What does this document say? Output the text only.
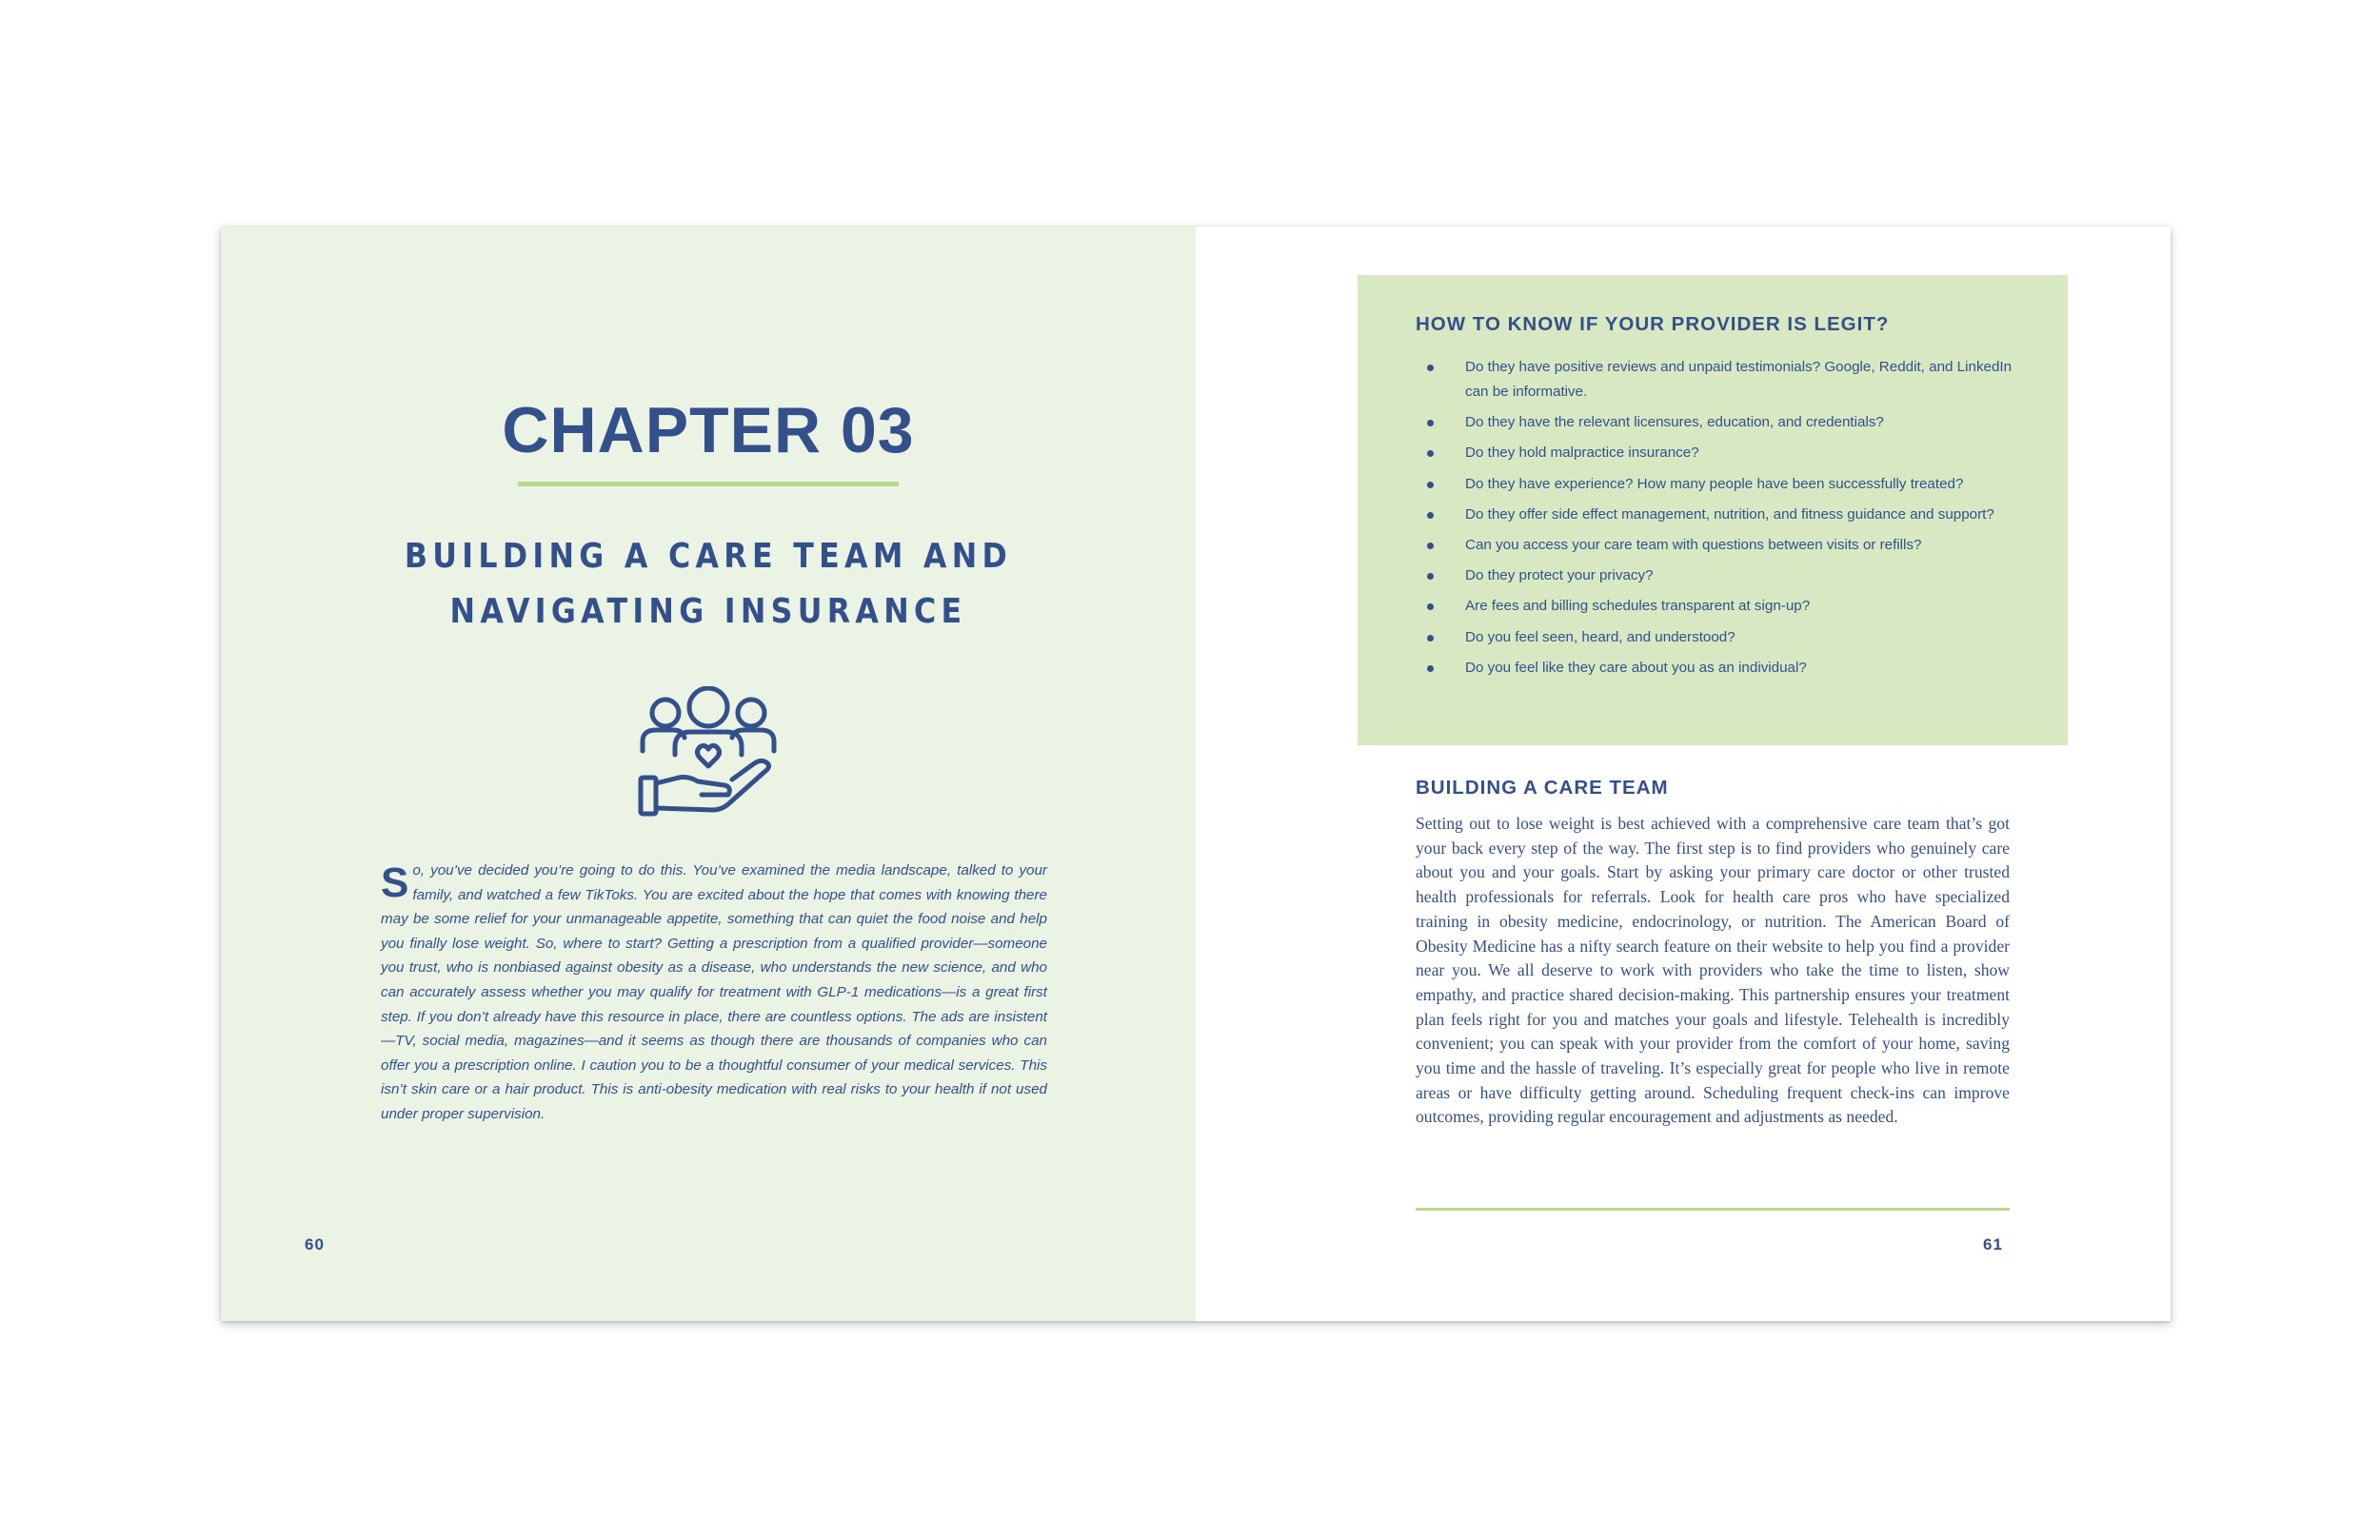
CHAPTER 03
BUILDING A CARE TEAM AND
NAVIGATING INSURANCE

So, you’ve decided you’re going to do this. You’ve examined the media landscape, talked to your family, and watched a few TikToks. You are excited about the hope that comes with knowing there may be some relief for your unmanageable appetite, something that can quiet the food noise and help you finally lose weight. So, where to start? Getting a prescription from a qualified provider—someone you trust, who is nonbiased against obesity as a disease, who understands the new science, and who can accurately assess whether you may qualify for treatment with GLP-1 medications—is a great first step. If you don’t already have this resource in place, there are countless options. The ads are insistent—TV, social media, magazines—and it seems as though there are thousands of companies who can offer you a prescription online. I caution you to be a thoughtful consumer of your medical services. This isn’t skin care or a hair product. This is anti-obesity medication with real risks to your health if not used under proper supervision.

60
HOW TO KNOW IF YOUR PROVIDER IS LEGIT?
Do they have positive reviews and unpaid testimonials? Google, Reddit, and LinkedIn can be informative.
Do they have the relevant licensures, education, and credentials?
Do they hold malpractice insurance?
Do they have experience? How many people have been successfully treated?
Do they offer side effect management, nutrition, and fitness guidance and support?
Can you access your care team with questions between visits or refills?
Do they protect your privacy?
Are fees and billing schedules transparent at sign-up?
Do you feel seen, heard, and understood?
Do you feel like they care about you as an individual?
BUILDING A CARE TEAM

Setting out to lose weight is best achieved with a comprehensive care team that’s got your back every step of the way. The first step is to find providers who genuinely care about you and your goals. Start by asking your primary care doctor or other trusted health professionals for referrals. Look for health care pros who have specialized training in obesity medicine, endocrinology, or nutrition. The American Board of Obesity Medicine has a nifty search feature on their website to help you find a provider near you. We all deserve to work with providers who take the time to listen, show empathy, and practice shared decision-making. This partnership ensures your treatment plan feels right for you and matches your goals and lifestyle. Telehealth is incredibly convenient; you can speak with your provider from the comfort of your home, saving you time and the hassle of traveling. It’s especially great for people who live in remote areas or have difficulty getting around. Scheduling frequent check-ins can improve outcomes, providing regular encouragement and adjustments as needed.

61
